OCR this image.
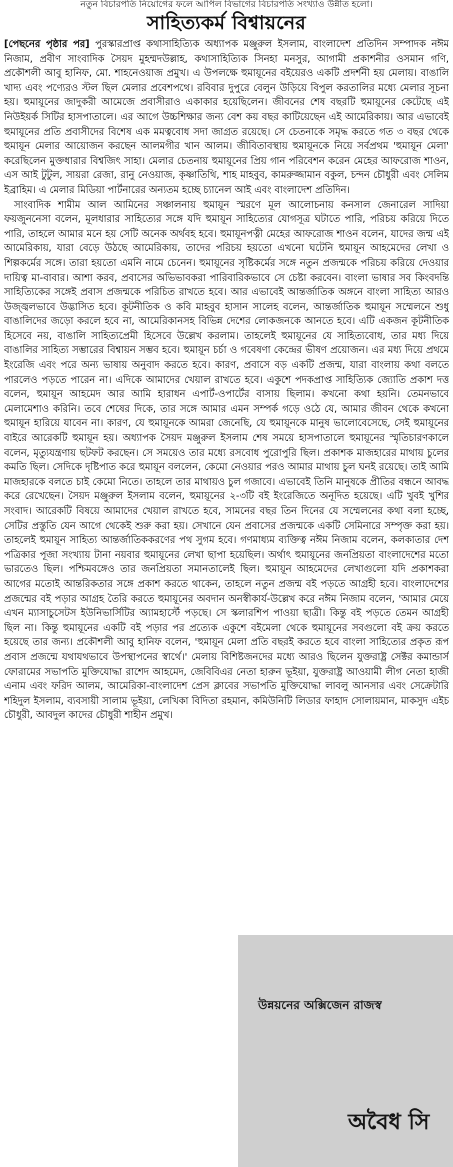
নতুন বিচারপতি নিয়োগের ফলে আপিল বিভাগের বিচারপতি সংখ্যাও উন্নীত হলো।
সাহিত্যকর্ম বিশ্বায়নের

[পেছনের পৃষ্ঠার পর] পুরস্কারপ্রাপ্ত কথাসাহিত্যিক অধ্যাপক মঞ্জুরুল ইসলাম, বাংলাদেশ প্রতিদিন সম্পাদক নঈম নিজাম, প্রবীণ সাংবাদিক সৈয়দ মুহম্মদউল্লাহ, কথাসাহিত্যিক সিনহা মনসুর, আগামী প্রকাশনীর ওসমান গণি, প্রকৌশলী আবু হানিফ, মো. শাহনেওয়াজ প্রমুখ। এ উপলক্ষে হুমায়ূনের বইয়েরও একটি প্রদর্শনী হয় মেলায়। বাঙালি খাদ্য এবং পণ্যেরও স্টল ছিল মেলার প্রবেশপথে। রবিবার দুপুরে বেলুন উড়িয়ে বিপুল করতালির মধ্যে মেলার সূচনা হয়। হুমায়ূনের জাদুকরী আমেজে প্রবাসীরাও একাকার হয়েছিলেন। জীবনের শেষ বছরটি হুমায়ূনের কেটেছে এই নিউইয়র্ক সিটির হাসপাতালে। এর আগে উচ্চশিক্ষার জন্য বেশ কয় বছর কাটিয়েছেন এই আমেরিকায়। আর এভাবেই হুমায়ূনের প্রতি প্রবাসীদের বিশেষ এক মমত্ববোধ সদা জাগ্রত রয়েছে। সে চেতনাকে সমৃদ্ধ করতে গত ৩ বছর থেকে হুমায়ূন মেলার আয়োজন করছেন আলমগীর খান আলম। জীবিতাবস্থায় হুমায়ূনকে নিয়ে সর্বপ্রথম 'হুমায়ূন মেলা' করেছিলেন মুক্তধারার বিশ্বজিৎ সাহা। মেলার চেতনায় হুমায়ূনের প্রিয় গান পরিবেশন করেন মেহের আফরোজ শাওন, এস আই টুটুল, সায়রা রেজা, রানু নেওয়াজ, কৃষ্ণাতিথি, শাহ মাহবুব, কামরুজ্জামান বকুল, চন্দন চৌধুরী এবং সেলিম ইব্রাহিম। এ মেলার মিডিয়া পার্টনারের অন্যতম হচ্ছে চ্যানেল আই এবং বাংলাদেশ প্রতিদিন।

সাংবাদিক শামীম আল আমিনের সঞ্চালনায় হুমায়ূন স্মরণে মূল আলোচনায় কনসাল জেনারেল সাদিয়া ফয়জুননেসা বলেন, মূলধারার সাহিত্যের সঙ্গে যদি হুমায়ূন সাহিত্যের যোগসূত্র ঘটাতে পারি, পরিচয় করিয়ে দিতে পারি, তাহলে আমার মনে হয় সেটি অনেক অর্থবহ হবে। হুমায়ূনপত্নী মেহের আফরোজ শাওন বলেন, যাদের জন্ম এই আমেরিকায়, যারা বেড়ে উঠছে আমেরিকায়, তাদের পরিচয় হয়তো এখনো ঘটেনি হুমায়ূন আহমেদের লেখা ও শিল্পকর্মের সঙ্গে। তারা হয়তো এমনি নামে চেনেন। হুমায়ূনের সৃষ্টিকর্মের সঙ্গে নতুন প্রজন্মকে পরিচয় করিয়ে দেওয়ার দায়িত্ব মা-বাবার। আশা করব, প্রবাসের অভিভাবকরা পারিবারিকভাবে সে চেষ্টা করবেন। বাংলা ভাষার সব কিংবদন্তি সাহিত্যিকের সঙ্গেই প্রবাস প্রজন্মকে পরিচিত রাখতে হবে। আর এভাবেই আন্তর্জাতিক অঙ্গনে বাংলা সাহিত্য আরও উজ্জ্বলভাবে উদ্ভাসিত হবে। কূটনীতিক ও কবি মাহবুব হাসান সালেহ বলেন, আন্তর্জাতিক হুমায়ূন সম্মেলনে শুধু বাঙালিদের জড়ো করলে হবে না, আমেরিকানসহ বিভিন্ন দেশের লোকজনকে আনতে হবে। এটি একজন কূটনীতিক হিসেবে নয়, বাঙালি সাহিত্যপ্রেমী হিসেবে উল্লেখ করলাম। তাহলেই হুমায়ূনের যে সাহিত্যবোধ, তার মধ্য দিয়ে বাঙালির সাহিত্য সম্ভারের বিশ্বায়ন সম্ভব হবে। হুমায়ূন চর্চা ও গবেষণা কেন্দ্রের ভীষণ প্রয়োজন। এর মধ্য দিয়ে প্রথমে ইংরেজি এবং পরে অন্য ভাষায় অনুবাদ করতে হবে। কারণ, প্রবাসে বড় একটি প্রজন্ম, যারা বাংলায় কথা বলতে পারলেও পড়তে পারেন না। এদিকে আমাদের খেয়াল রাখতে হবে। একুশে পদকপ্রাপ্ত সাহিত্যিক জ্যোতি প্রকাশ দত্ত বলেন, হুমায়ূন আহমেদ আর আমি হারাধন এপার্ট-ওপার্টের বাসায় ছিলাম। কখনো কথা হয়নি। তেমনভাবে মেলামেশাও করিনি। তবে শেষের দিকে, তার সঙ্গে আমার এমন সম্পর্ক গড়ে ওঠে যে, আমার জীবন থেকে কখনো হুমায়ূন হারিয়ে যাবেন না। কারণ, যে হুমায়ূনকে আমরা জেনেছি, যে হুমায়ূনকে মানুষ ভালোবেসেছে, সেই হুমায়ূনের বাইরে আরেকটি হুমায়ূন হয়। অধ্যাপক সৈয়দ মঞ্জুরুল ইসলাম শেষ সময়ে হাসপাতালে হুমায়ূনের স্মৃতিচারণকালে বলেন, মৃত্যুযন্ত্রণায় ছটফট করছেন। সে সময়েও তার মধ্যে রসবোধ পুরোপুরি ছিল। প্রকাশক মাজহারের মাথায় চুলের কমতি ছিল। সেদিকে দৃষ্টিপাত করে হুমায়ূন বললেন, কেমো নেওয়ার পরও আমার মাথায় চুল ঘনই রয়েছে। তাই আমি মাজহারকে বলতে চাই কেমো নিতে। তাহলে তার মাথায়ও চুল গজাবে। এভাবেই তিনি মানুষকে প্রীতির বন্ধনে আবদ্ধ করে রেখেছেন। সৈয়দ মঞ্জুরুল ইসলাম বলেন, হুমায়ূনের ২-৩টি বই ইংরেজিতে অনূদিত হয়েছে। এটি খুবই খুশির সংবাদ। আরেকটি বিষয়ে আমাদের খেয়াল রাখতে হবে, সামনের বছর তিন দিনের যে সম্মেলনের কথা বলা হচ্ছে, সেটির প্রস্তুতি যেন আগে থেকেই শুরু করা হয়। সেখানে যেন প্রবাসের প্রজন্মকে একটি সেমিনারে সম্পৃক্ত করা হয়। তাহলেই হুমায়ূন সাহিত্য আন্তর্জাতিককরণের পথ সুগম হবে। গণমাধ্যম ব্যক্তিত্ব নঈম নিজাম বলেন, কলকাতার দেশ পত্রিকার পূজা সংখ্যায় টানা নয়বার হুমায়ূনের লেখা ছাপা হয়েছিল। অর্থাৎ হুমায়ূনের জনপ্রিয়তা বাংলাদেশের মতো ভারতেও ছিল। পশ্চিমবঙ্গেও তার জনপ্রিয়তা সমানতালেই ছিল। হুমায়ূন আহমেদের লেখাগুলো যদি প্রকাশকরা আগের মতোই আন্তরিকতার সঙ্গে প্রকাশ করতে থাকেন, তাহলে নতুন প্রজন্ম বই পড়তে আগ্রহী হবে। বাংলাদেশের প্রজন্মের বই পড়ার আগ্রহ তৈরি করতে হুমায়ূনের অবদান অনস্বীকার্য-উল্লেখ করে নঈম নিজাম বলেন, 'আমার মেয়ে এখন ম্যাসাচুসেটস ইউনিভার্সিটির অ্যামহার্স্টে পড়ছে। সে স্কলারশিপ পাওয়া ছাত্রী। কিন্তু বই পড়তে তেমন আগ্রহী ছিল না। কিন্তু হুমায়ূনের একটি বই পড়ার পর প্রত্যেক একুশে বইমেলা থেকে হুমায়ূনের সবগুলো বই ক্রয় করতে হয়েছে তার জন্য। প্রকৌশলী আবু হানিফ বলেন, 'হুমায়ূন মেলা প্রতি বছরই করতে হবে বাংলা সাহিত্যের প্রকৃত রূপ প্রবাস প্রজন্মে যথাযথভাবে উপস্থাপনের স্বার্থে।' মেলায় বিশিষ্টজনদের মধ্যে আরও ছিলেন যুক্তরাষ্ট্র সেক্টর কমান্ডার্স ফোরামের সভাপতি মুক্তিযোদ্ধা রাশেদ আহমেদ, জেবিবিএর নেতা হারুন ভূইয়া, যুক্তরাষ্ট্র আওয়ামী লীগ নেতা হাজী এনাম এবং ফরিদ আলম, আমেরিকা-বাংলাদেশ প্রেস ক্লাবের সভাপতি মুক্তিযোদ্ধা লাবলু আনসার এবং সেক্রেটারি শহিদুল ইসলাম, ব্যবসায়ী সালাম ভূইয়া, লেখিকা বিদিতা রহমান, কমিউনিটি লিডার ফাহাদ সোলায়মান, মাকসুদ এইচ চৌধুরী, আবদুল কাদের চৌধুরী শাহীন প্রমুখ।

উন্নয়নের অক্সিজেন রাজস্ব
অবৈধ সি
